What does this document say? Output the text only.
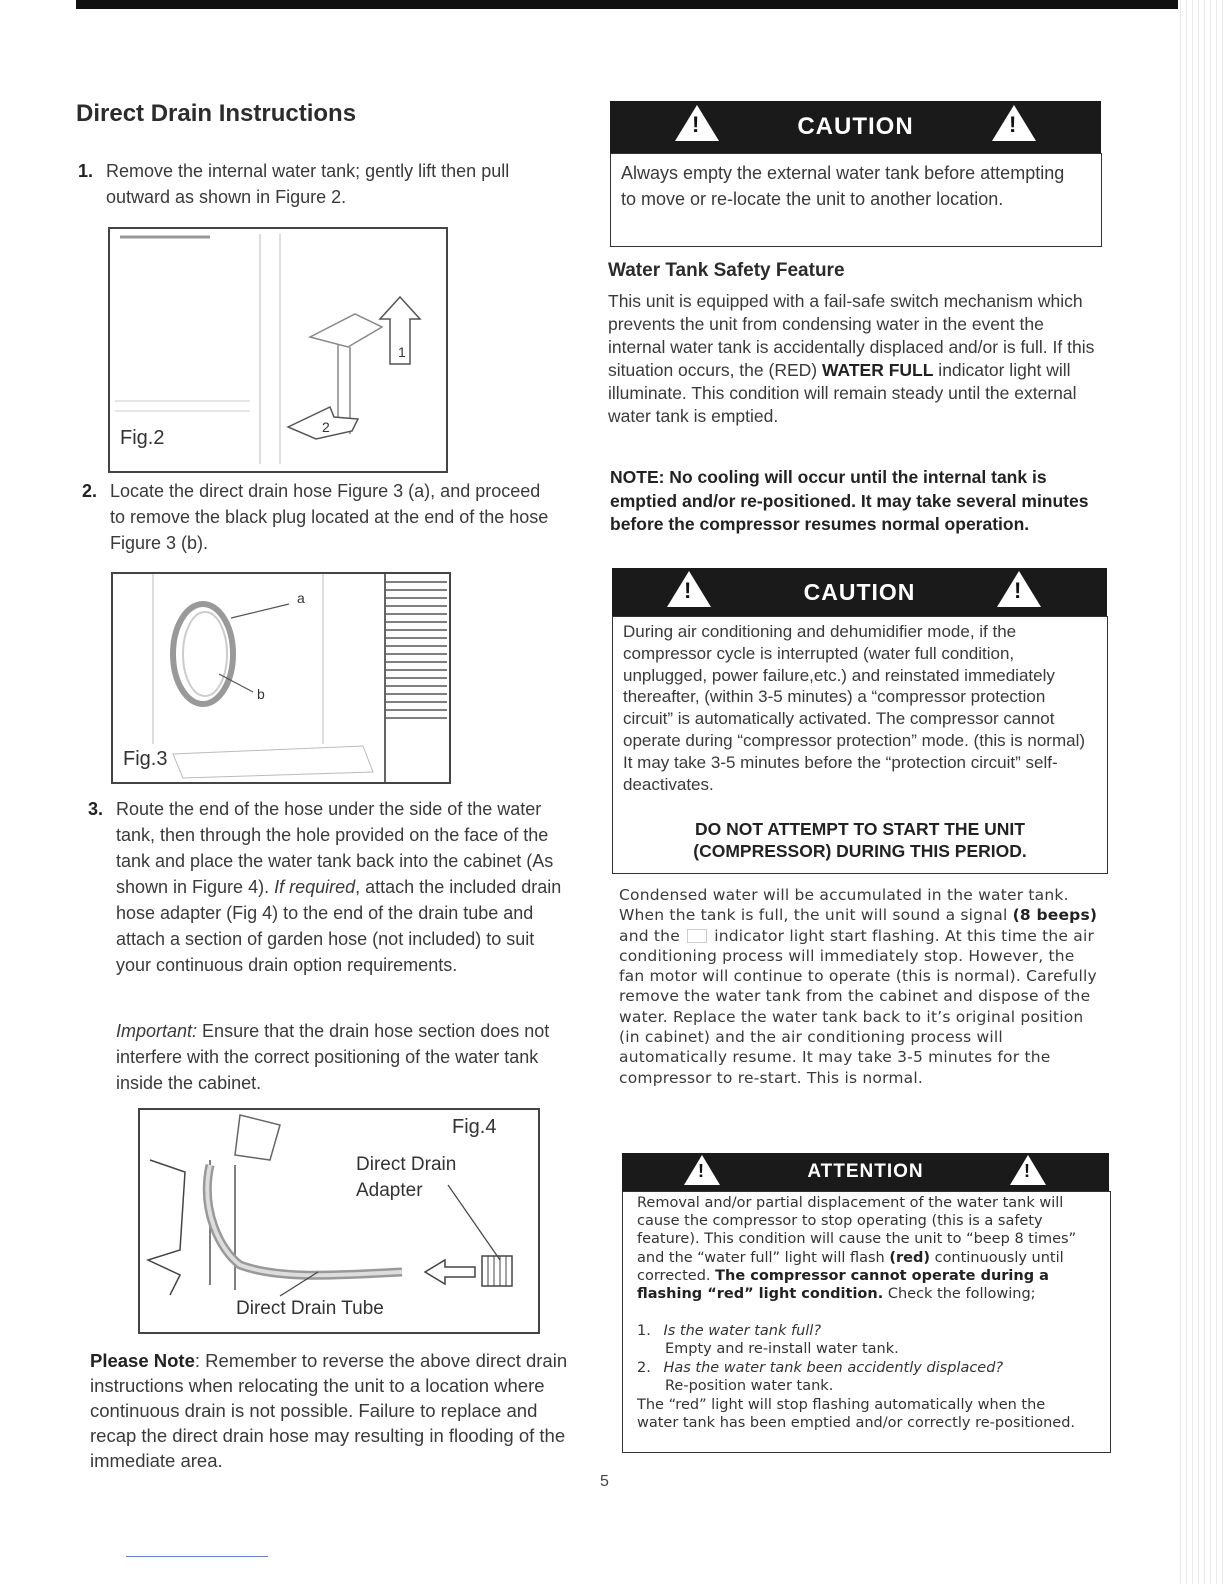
Direct Drain Instructions

1. Remove the internal water tank; gently lift then pull outward as shown in Figure 2.

Fig.2
1
2

2. Locate the direct drain hose Figure 3 (a), and proceed to remove the black plug located at the end of the hose Figure 3 (b).

a
b
Fig.3

3. Route the end of the hose under the side of the water tank, then through the hole provided on the face of the tank and place the water tank back into the cabinet (As shown in Figure 4). If required, attach the included drain hose adapter (Fig 4) to the end of the drain tube and attach a section of garden hose (not included) to suit your continuous drain option requirements.

Important: Ensure that the drain hose section does not interfere with the correct positioning of the water tank inside the cabinet.

Fig.4
Direct Drain
Adapter
Direct Drain Tube

Please Note: Remember to reverse the above direct drain instructions when relocating the unit to a location where continuous drain is not possible. Failure to replace and recap the direct drain hose may resulting in flooding of the immediate area.

!	CAUTION	!

Always empty the external water tank before attempting to move or re-locate the unit to another location.

Water Tank Safety Feature

This unit is equipped with a fail-safe switch mechanism which prevents the unit from condensing water in the event the internal water tank is accidentally displaced and/or is full. If this situation occurs, the (RED) WATER FULL indicator light will illuminate. This condition will remain steady until the external water tank is emptied.

NOTE: No cooling will occur until the internal tank is emptied and/or re-positioned. It may take several minutes before the compressor resumes normal operation.

!	CAUTION	!

During air conditioning and dehumidifier mode, if the compressor cycle is interrupted (water full condition, unplugged, power failure,etc.) and reinstated immediately thereafter, (within 3-5 minutes) a “compressor protection circuit” is automatically activated. The compressor cannot operate during “compressor protection” mode. (this is normal) It may take 3-5 minutes before the “protection circuit” self-deactivates.

DO NOT ATTEMPT TO START THE UNIT

(COMPRESSOR) DURING THIS PERIOD.

Condensed water will be accumulated in the water tank. When the tank is full, the unit will sound a signal (8 beeps) and the  indicator light start flashing. At this time the air conditioning process will immediately stop. However, the fan motor will continue to operate (this is normal). Carefully remove the water tank from the cabinet and dispose of the water. Replace the water tank back to it’s original position (in cabinet) and the air conditioning process will automatically resume. It may take 3-5 minutes for the compressor to re-start. This is normal.

!	ATTENTION	!

Removal and/or partial displacement of the water tank will cause the compressor to stop operating (this is a safety feature). This condition will cause the unit to “beep 8 times” and the “water full” light will flash (red) continuously until corrected. The compressor cannot operate during a flashing “red” light condition. Check the following;

1. Is the water tank full?

Empty and re-install water tank.

2. Has the water tank been accidently displaced?

Re-position water tank.

The “red” light will stop flashing automatically when the water tank has been emptied and/or correctly re-positioned.

5
